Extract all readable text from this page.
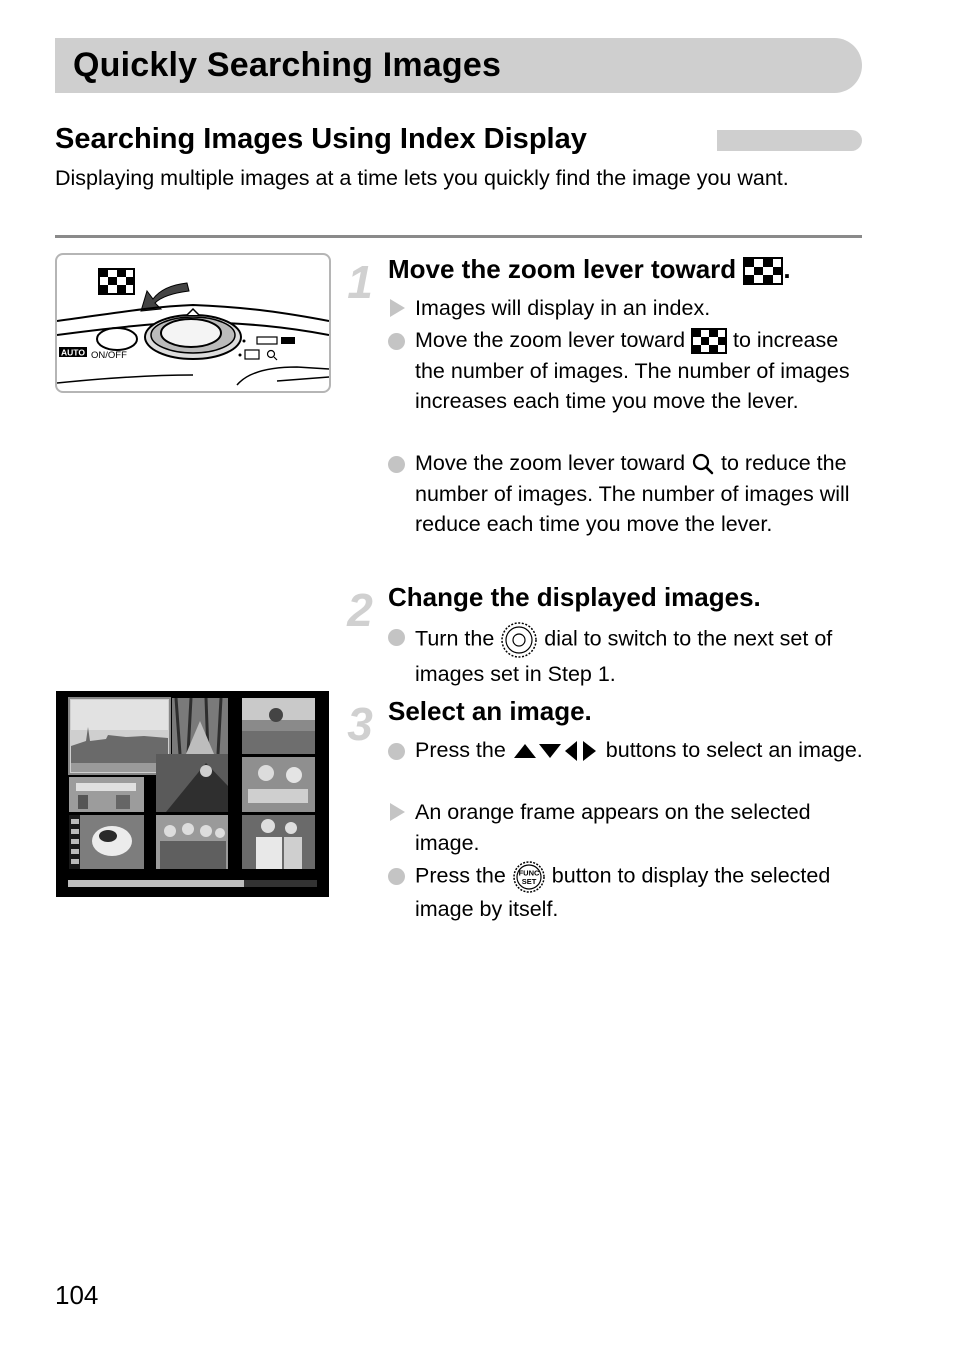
Quickly Searching Images
Searching Images Using Index Display
Displaying multiple images at a time lets you quickly find the image you want.
AUTO ON/OFF
1 Move the zoom lever toward .
Images will display in an index.
Move the zoom lever toward to increase the number of images. The number of images increases each time you move the lever.
Move the zoom lever toward to reduce the number of images. The number of images will reduce each time you move the lever.
2 Change the displayed images.
Turn the dial to switch to the next set of images set in Step 1.
3 Select an image.
Press the	buttons to select an image.
An orange frame appears on the selected image.
Press the FUNC
SET button to display the selected image by itself.
104
